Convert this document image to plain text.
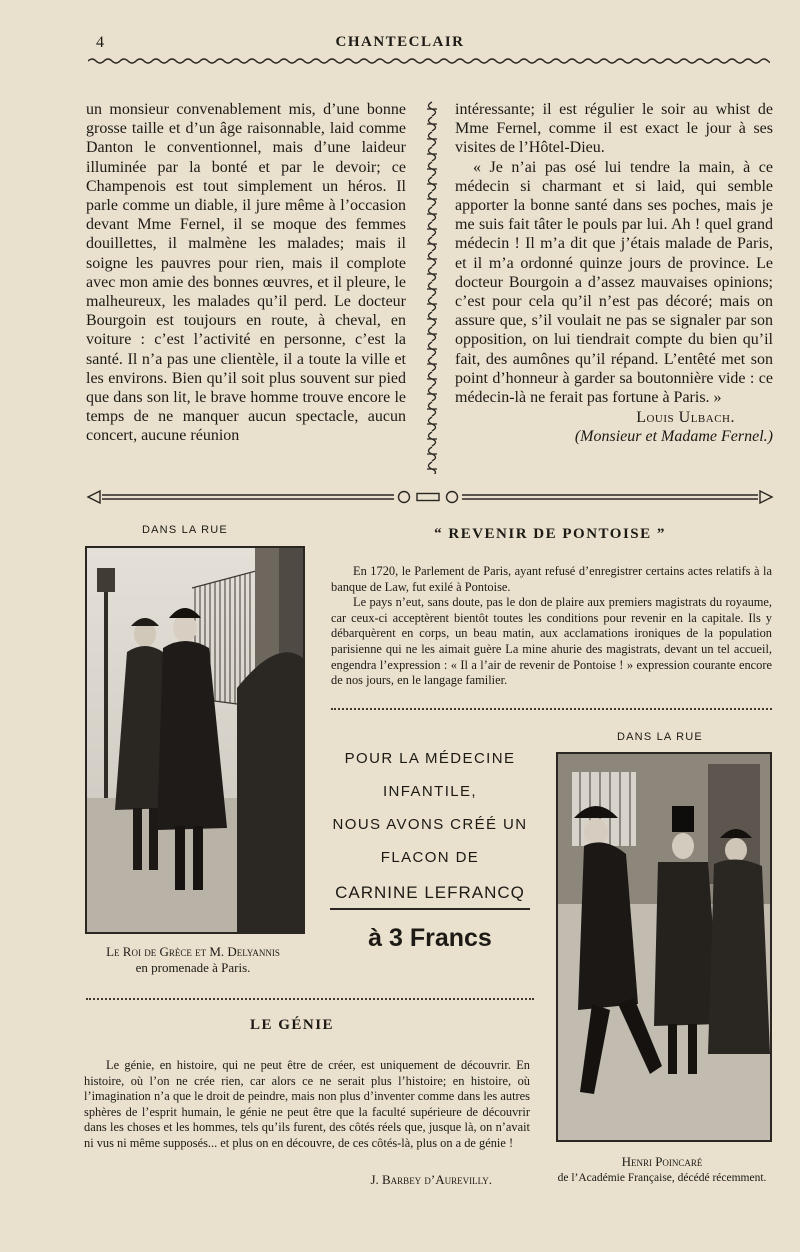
4	CHANTECLAIR

un monsieur convenablement mis, d’une bonne grosse taille et d’un âge raisonnable, laid comme Danton le conventionnel, mais d’une laideur illuminée par la bonté et par le devoir; ce Champenois est tout simplement un héros. Il parle comme un diable, il jure même à l’occasion devant Mme Fernel, il se moque des femmes douillettes, il malmène les malades; mais il soigne les pauvres pour rien, mais il complote avec mon amie des bonnes œuvres, et il pleure, le malheureux, les malades qu’il perd. Le docteur Bourgoin est toujours en route, à cheval, en voiture : c’est l’activité en personne, c’est la santé. Il n’a pas une clientèle, il a toute la ville et les environs. Bien qu’il soit plus souvent sur pied que dans son lit, le brave homme trouve encore le temps de ne manquer aucun spectacle, aucun concert, aucune réunion

intéressante; il est régulier le soir au whist de Mme Fernel, comme il est exact le jour à ses visites de l’Hôtel-Dieu.

« Je n’ai pas osé lui tendre la main, à ce médecin si charmant et si laid, qui semble apporter la bonne santé dans ses poches, mais je me suis fait tâter le pouls par lui. Ah ! quel grand médecin ! Il m’a dit que j’étais malade de Paris, et il m’a ordonné quinze jours de province. Le docteur Bourgoin a d’assez mauvaises opinions; c’est pour cela qu’il n’est pas décoré; mais on assure que, s’il voulait ne pas se signaler par son opposition, on lui tiendrait compte du bien qu’il fait, des aumônes qu’il répand. L’entêté met son point d’honneur à garder sa boutonnière vide : ce médecin-là ne ferait pas fortune à Paris. »

Louis Ulbach.
(Monsieur et Madame Fernel.)
DANS LA RUE
Le Roi de Grèce et M. Delyannis
en promenade à Paris.
“ REVENIR DE PONTOISE ”

En 1720, le Parlement de Paris, ayant refusé d’enregistrer certains actes relatifs à la banque de Law, fut exilé à Pontoise.

Le pays n’eut, sans doute, pas le don de plaire aux premiers magistrats du royaume, car ceux-ci acceptèrent bientôt toutes les conditions pour revenir en la capitale. Ils y débarquèrent en corps, un beau matin, aux acclamations ironiques de la population parisienne qui ne les aimait guère La mine ahurie des magistrats, devant un tel accueil, engendra l’expression : « Il a l’air de revenir de Pontoise ! » expression courante encore de nos jours, en le langage familier.

POUR LA MÉDECINE
INFANTILE,
NOUS AVONS CRÉÉ UN
FLACON DE
CARNINE LEFRANCQ
à 3 Francs
DANS LA RUE
Henri Poincaré
de l’Académie Française, décédé récemment.
LE GÉNIE

Le génie, en histoire, qui ne peut être de créer, est uniquement de découvrir. En histoire, où l’on ne crée rien, car alors ce ne serait plus l’histoire; en histoire, où l’imagination n’a que le droit de peindre, mais non plus d’inventer comme dans les autres sphères de l’esprit humain, le génie ne peut être que la faculté supérieure de découvrir dans les choses et les hommes, tels qu’ils furent, des côtés réels que, jusque là, on n’avait ni vus ni même supposés... et plus on en découvre, de ces côtés-là, plus on a de génie !

J. Barbey d’Aurevilly.
